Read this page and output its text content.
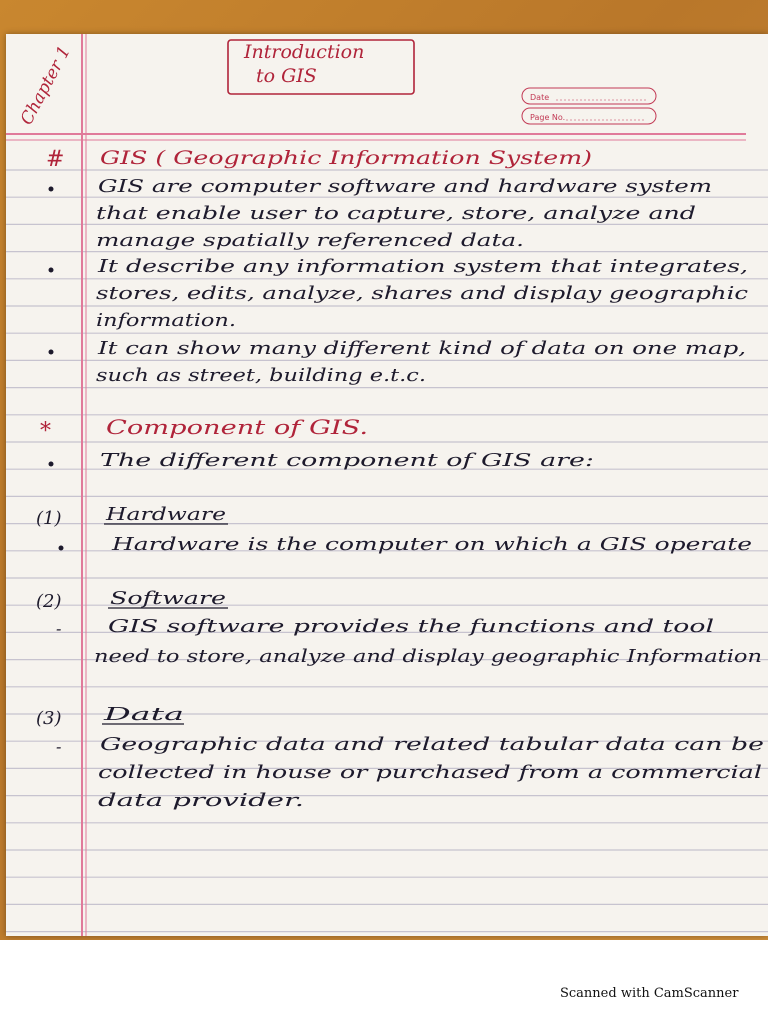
Chapter 1	Introduction
to GIS
Date
Page No.
# GIS ( Geographic Information System)
GIS are computer software and hardware system
that enable user to capture, store, analyze and
manage spatially referenced data.
It describe any information system that integrates,
stores, edits, analyze, shares and display geographic
information.
It can show many different kind of data on one map,
such as street, building e.t.c.
*	Component of GIS.
The different component of GIS are:
(1) Hardware
Hardware is the computer on which a GIS operate
(2)	Software
-	GIS software provides the functions and tool
need to store, analyze and display geographic Information
(3) Data
- Geographic data and related tabular data can be
collected in house or purchased from a commercial
data provider.
Scanned with CamScanner
